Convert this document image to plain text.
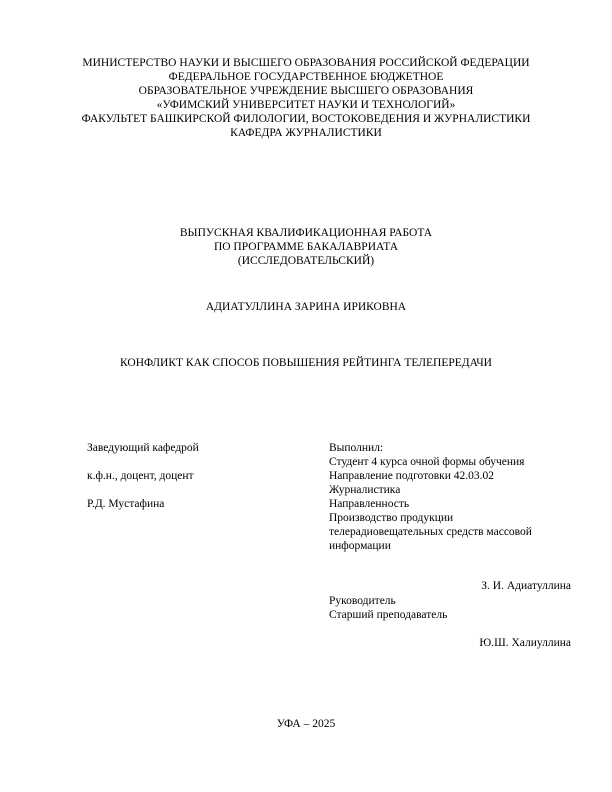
МИНИСТЕРСТВО НАУКИ И ВЫСШЕГО ОБРАЗОВАНИЯ РОССИЙСКОЙ ФЕДЕРАЦИИ
ФЕДЕРАЛЬНОЕ ГОСУДАРСТВЕННОЕ БЮДЖЕТНОЕ
ОБРАЗОВАТЕЛЬНОЕ УЧРЕЖДЕНИЕ ВЫСШЕГО ОБРАЗОВАНИЯ
«УФИМСКИЙ УНИВЕРСИТЕТ НАУКИ И ТЕХНОЛОГИЙ»
ФАКУЛЬТЕТ БАШКИРСКОЙ ФИЛОЛОГИИ, ВОСТОКОВЕДЕНИЯ И ЖУРНАЛИСТИКИ
КАФЕДРА ЖУРНАЛИСТИКИ
ВЫПУСКНАЯ КВАЛИФИКАЦИОННАЯ РАБОТА
ПО ПРОГРАММЕ БАКАЛАВРИАТА
(ИССЛЕДОВАТЕЛЬСКИЙ)
АДИАТУЛЛИНА ЗАРИНА ИРИКОВНА
КОНФЛИКТ КАК СПОСОБ ПОВЫШЕНИЯ РЕЙТИНГА ТЕЛЕПЕРЕДАЧИ
Заведующий кафедрой
к.ф.н., доцент, доцент
Р.Д. Мустафина
Выполнил:
Студент 4 курса очной формы обучения
Направление подготовки 42.03.02
Журналистика
Направленность
Производство продукции
телерадиовещательных средств массовой
информации
З. И. Адиатуллина
Руководитель
Старший преподаватель
Ю.Ш. Халиуллина
УФА – 2025
